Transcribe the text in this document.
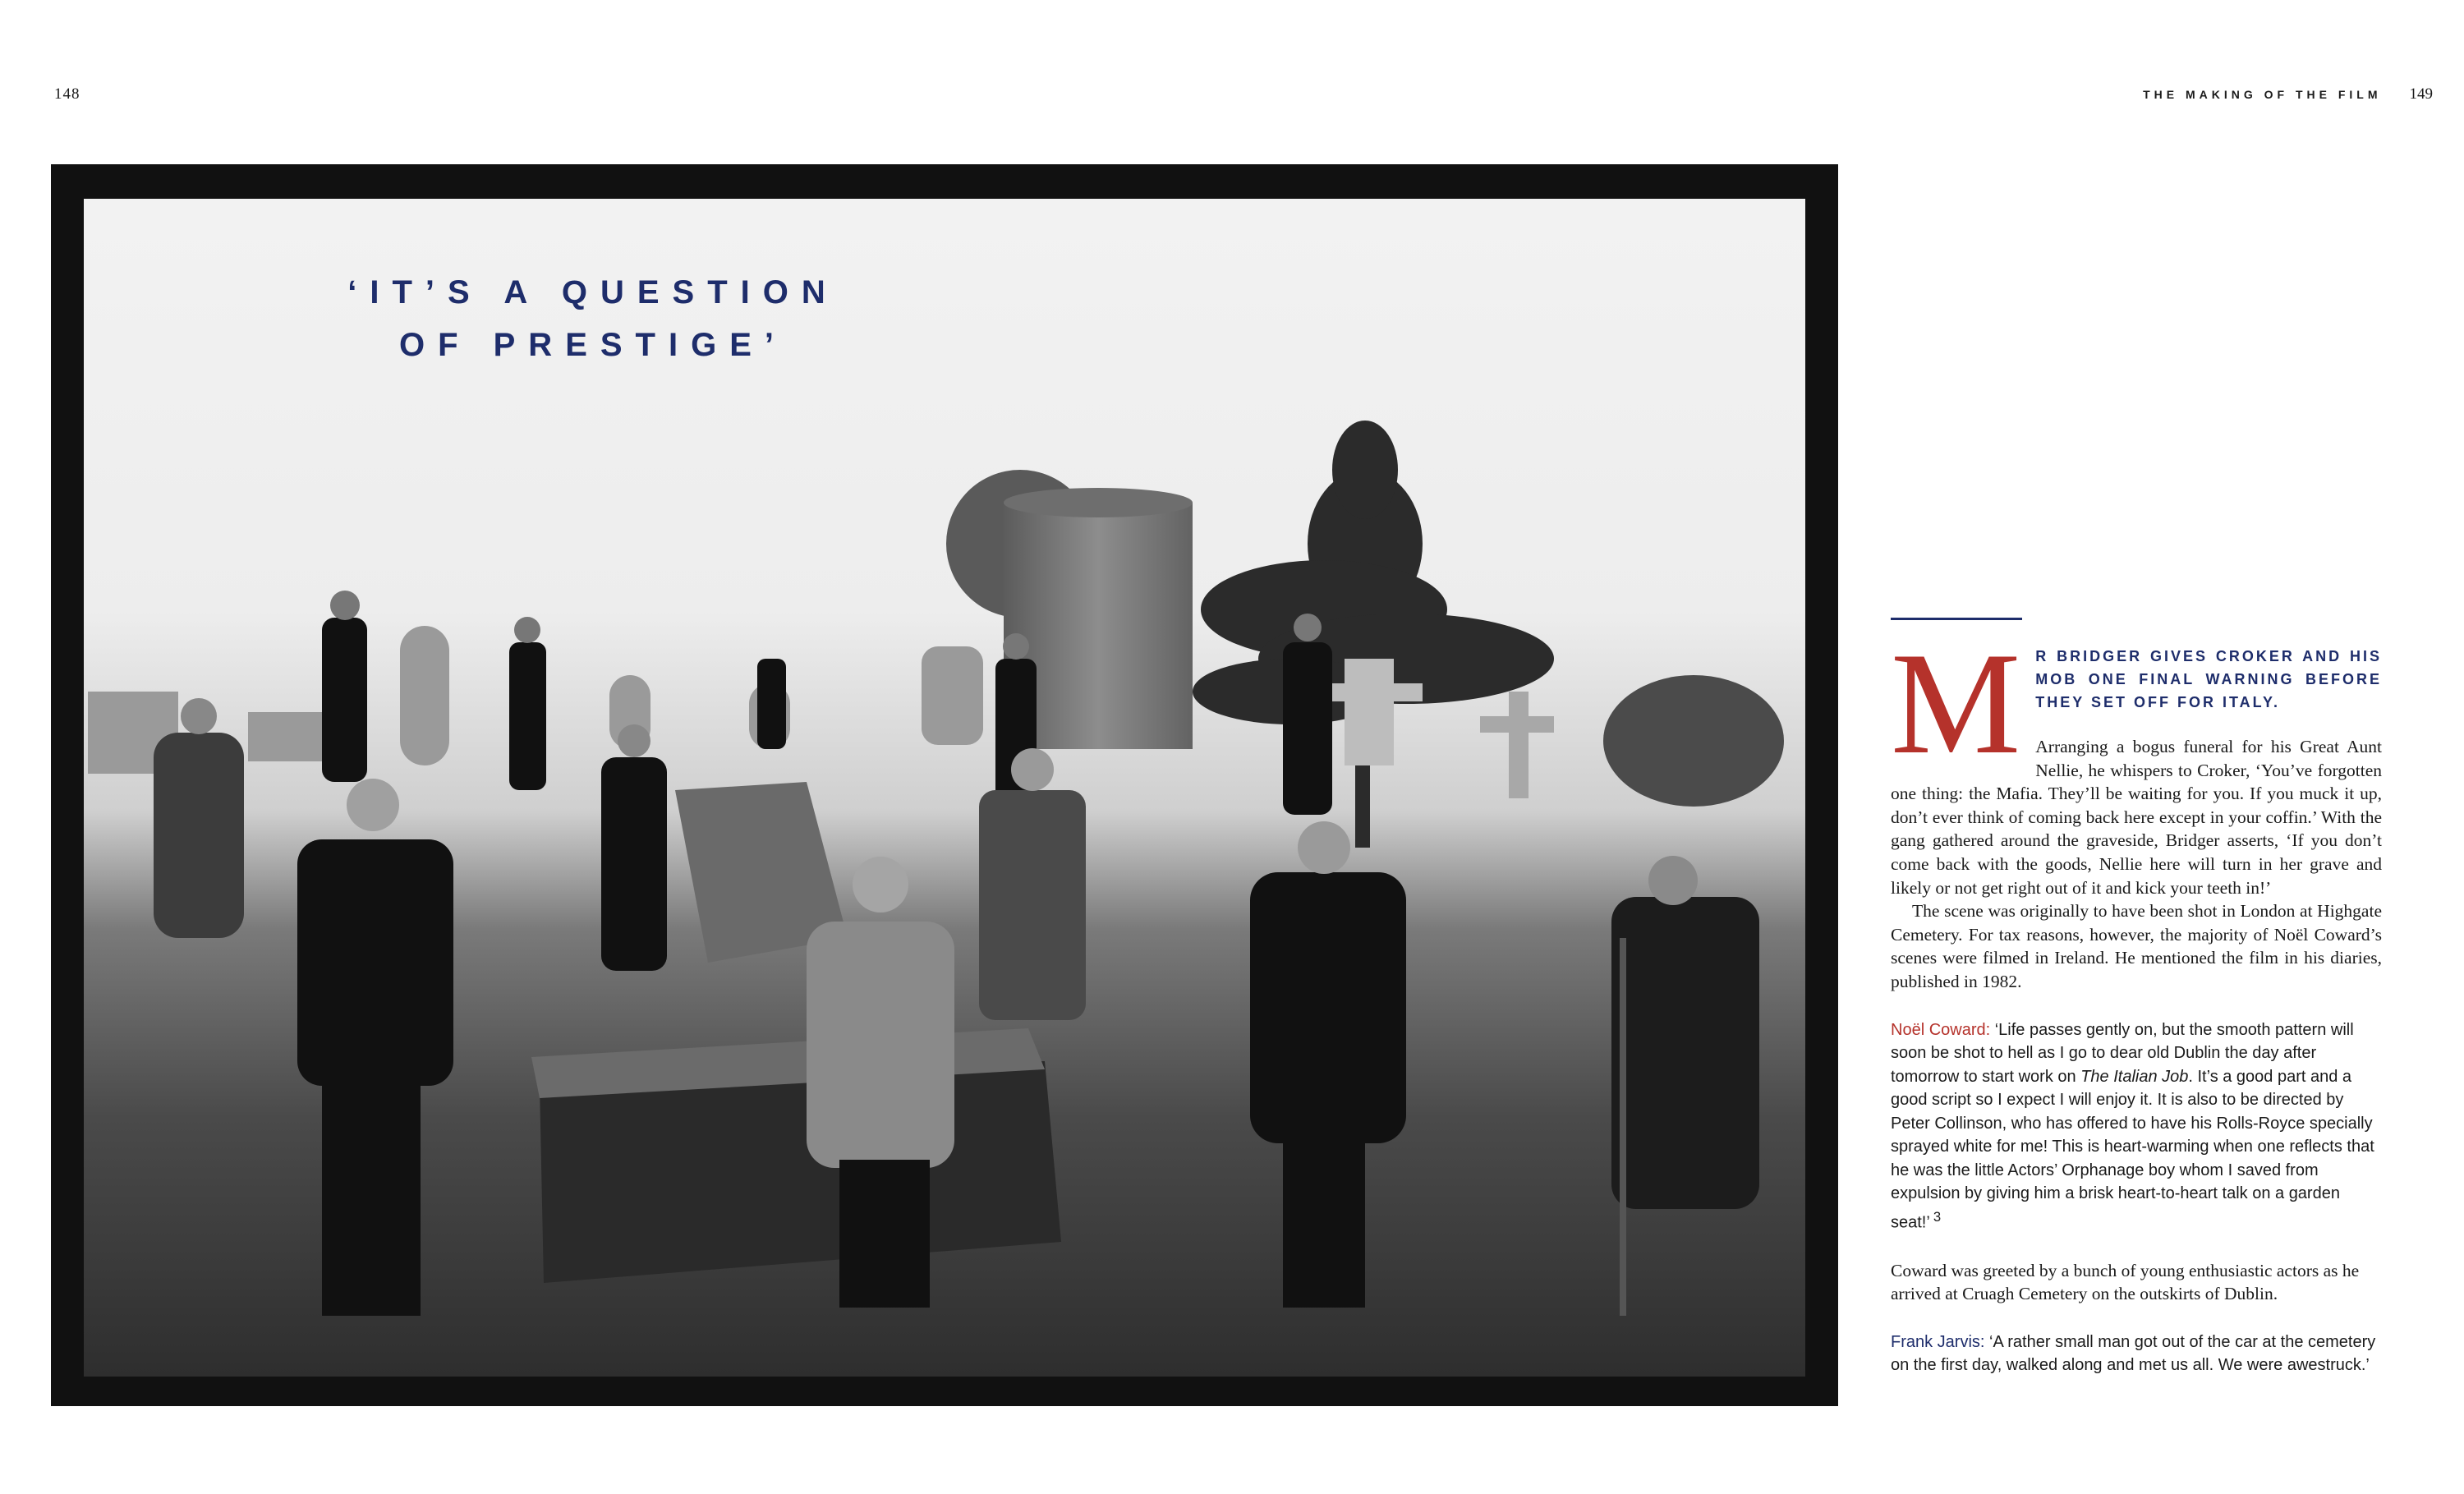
148	THE MAKING OF THE FILM 149
‘IT’S A QUESTION
OF PRESTIGE’
M	R BRIDGER GIVES CROKER AND HIS MOB ONE FINAL WARNING BEFORE THEY SET OFF FOR ITALY.

Arranging a bogus funeral for his Great Aunt Nellie, he whispers to Croker, ‘You’ve forgotten one thing: the Mafia. They’ll be waiting for you. If you muck it up, don’t ever think of coming back here except in your coffin.’ With the gang gathered around the graveside, Bridger asserts, ‘If you don’t come back with the goods, Nellie here will turn in her grave and likely or not get right out of it and kick your teeth in!’

The scene was originally to have been shot in London at Highgate Cemetery. For tax reasons, however, the majority of Noël Coward’s scenes were filmed in Ireland. He mentioned the film in his diaries, published in 1982.

Noël Coward: ‘Life passes gently on, but the smooth pattern will soon be shot to hell as I go to dear old Dublin the day after tomorrow to start work on The Italian Job. It’s a good part and a good script so I expect I will enjoy it. It is also to be directed by Peter Collinson, who has offered to have his Rolls-Royce specially sprayed white for me! This is heart-warming when one reflects that he was the little Actors’ Orphanage boy whom I saved from expulsion by giving him a brisk heart-to-heart talk on a garden seat!’  $^3$

Coward was greeted by a bunch of young enthusiastic actors as he arrived at Cruagh Cemetery on the outskirts of Dublin.

Frank Jarvis: ‘A rather small man got out of the car at the cemetery on the first day, walked along and met us all. We were awestruck.’
